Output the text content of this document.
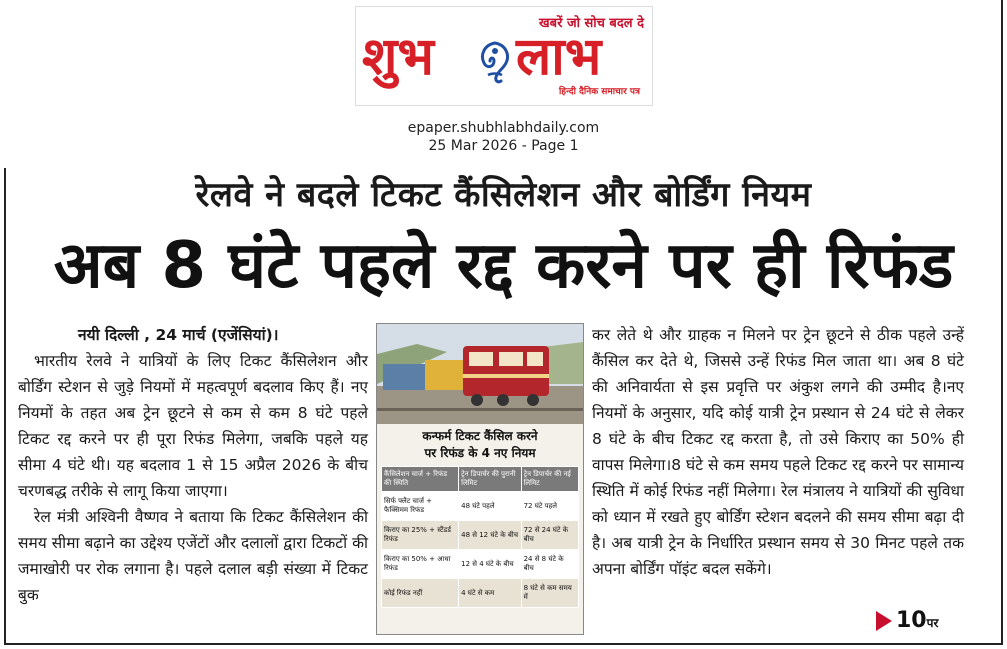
खबरें जो सोच बदल दे
शुभ लाभ
हिन्दी दैनिक समाचार पत्र
epaper.shubhlabhdaily.com
25 Mar 2026 - Page 1
रेलवे ने बदले टिकट कैंसिलेशन और बोर्डिंग नियम
अब 8 घंटे पहले रद्द करने पर ही रिफंड
नयी दिल्ली , 24 मार्च (एजेंसियां)।

भारतीय रेलवे ने यात्रियों के लिए टिकट कैंसिलेशन और बोर्डिंग स्टेशन से जुड़े नियमों में महत्वपूर्ण बदलाव किए हैं। नए नियमों के तहत अब ट्रेन छूटने से कम से कम 8 घंटे पहले टिकट रद्द करने पर ही पूरा रिफंड मिलेगा, जबकि पहले यह सीमा 4 घंटे थी। यह बदलाव 1 से 15 अप्रैल 2026 के बीच चरणबद्ध तरीके से लागू किया जाएगा।

रेल मंत्री अश्विनी वैष्णव ने बताया कि टिकट कैंसिलेशन की समय सीमा बढ़ाने का उद्देश्य एजेंटों और दलालों द्वारा टिकटों की जमाखोरी पर रोक लगाना है। पहले दलाल बड़ी संख्या में टिकट बुक

कन्फर्म टिकट कैंसिल करने
पर रिफंड के 4 नए नियम
कैंसिलेशन चार्ज + रिफंड की स्थिति	ट्रेन डिपार्चर की पुरानी लिमिट	ट्रेन डिपार्चर की नई लिमिट
सिर्फ फ्लैट चार्ज + फैक्सिमम रिफंड	48 घंटे पहले	72 घंटे पहले
किराए का 25% + स्टैंडर्ड रिफंड	48 से 12 घंटे के बीच	72 से 24 घंटे के बीच
किराए का 50% + आधा रिफंड	12 से 4 घंटे के बीच	24 से 8 घंटे के बीच
कोई रिफंड नहीं	4 घंटे से कम	8 घंटे से कम समय में

कर लेते थे और ग्राहक न मिलने पर ट्रेन छूटने से ठीक पहले उन्हें कैंसिल कर देते थे, जिससे उन्हें रिफंड मिल जाता था। अब 8 घंटे की अनिवार्यता से इस प्रवृत्ति पर अंकुश लगने की उम्मीद है।नए नियमों के अनुसार, यदि कोई यात्री ट्रेन प्रस्थान से 24 घंटे से लेकर 8 घंटे के बीच टिकट रद्द करता है, तो उसे किराए का 50% ही वापस मिलेगा।8 घंटे से कम समय पहले टिकट रद्द करने पर सामान्य स्थिति में कोई रिफंड नहीं मिलेगा। रेल मंत्रालय ने यात्रियों की सुविधा को ध्यान में रखते हुए बोर्डिंग स्टेशन बदलने की समय सीमा बढ़ा दी है। अब यात्री ट्रेन के निर्धारित प्रस्थान समय से 30 मिनट पहले तक अपना बोर्डिंग पॉइंट बदल सकेंगे।

10पर
